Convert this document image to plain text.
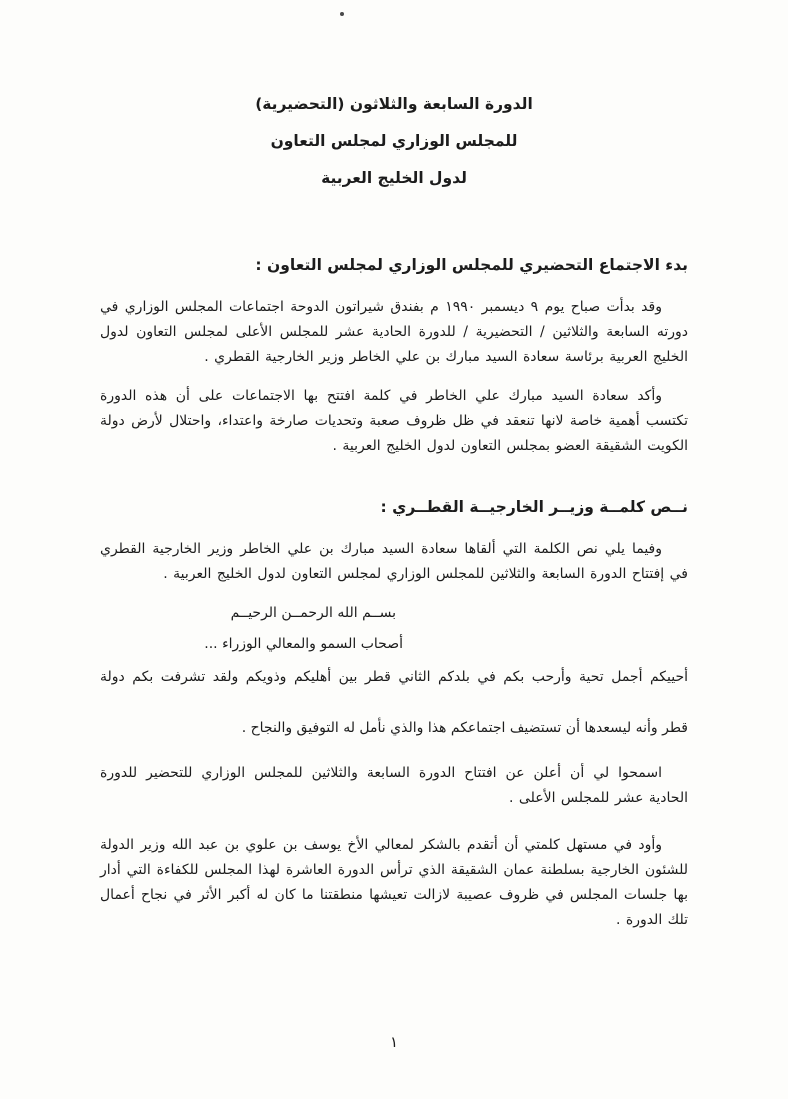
الدورة السابعة والثلاثون (التحضيرية)
للمجلس الوزاري لمجلس التعاون
لدول الخليج العربية
بدء الاجتماع التحضيري للمجلس الوزاري لمجلس التعاون :

وقد بدأت صباح يوم ٩ ديسمبر ١٩٩٠ م بفندق شيراتون الدوحة اجتماعات المجلس الوزاري في دورته السابعة والثلاثين / التحضيرية / للدورة الحادية عشر للمجلس الأعلى لمجلس التعاون لدول الخليج العربية برئاسة سعادة السيد مبارك بن علي الخاطر وزير الخارجية القطري .

وأكد سعادة السيد مبارك علي الخاطر في كلمة افتتح بها الاجتماعات على أن هذه الدورة تكتسب أهمية خاصة لانها تنعقد في ظل ظروف صعبة وتحديات صارخة واعتداء، واحتلال لأرض دولة الكويت الشقيقة العضو بمجلس التعاون لدول الخليج العربية .

نــص كلمــة وزيــر الخارجيــة القطــري :

وفيما يلي نص الكلمة التي ألقاها سعادة السيد مبارك بن علي الخاطر وزير الخارجية القطري في إفتتاح الدورة السابعة والثلاثين للمجلس الوزاري لمجلس التعاون لدول الخليج العربية .

بســم الله الرحمــن الرحيــم
أصحاب السمو والمعالي الوزراء ...
أحييكم أجمل تحية وأرحب بكم في بلدكم الثاني قطر بين أهليكم وذويكم ولقد تشرفت بكم دولة
قطر وأنه ليسعدها أن تستضيف اجتماعكم هذا والذي نأمل له التوفيق والنجاح .

اسمحوا لي أن أعلن عن افتتاح الدورة السابعة والثلاثين للمجلس الوزاري للتحضير للدورة الحادية عشر للمجلس الأعلى .

وأود في مستهل كلمتي أن أتقدم بالشكر لمعالي الأخ يوسف بن علوي بن عبد الله وزير الدولة للشئون الخارجية بسلطنة عمان الشقيقة الذي ترأس الدورة العاشرة لهذا المجلس للكفاءة التي أدار بها جلسات المجلس في ظروف عصيبة لازالت تعيشها منطقتنا ما كان له أكبر الأثر في نجاح أعمال تلك الدورة .

١
